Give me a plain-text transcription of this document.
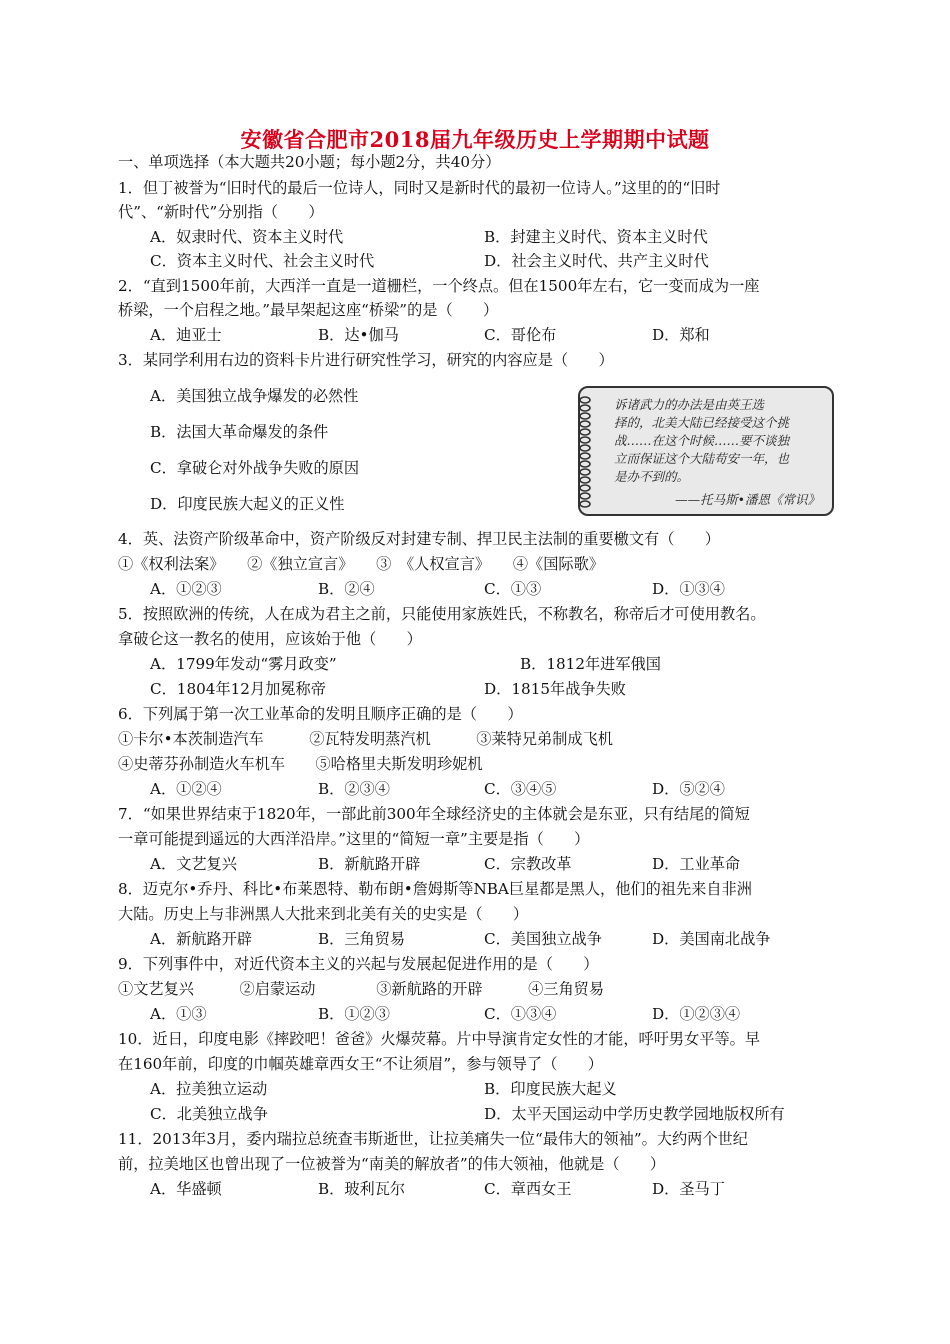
安徽省合肥市2018届九年级历史上学期期中试题
一、单项选择（本大题共20小题；每小题2分，共40分）
1．但丁被誉为“旧时代的最后一位诗人，同时又是新时代的最初一位诗人。”这里的的“旧时
代”、“新时代”分别指（　　）
A．奴隶时代、资本主义时代	B．封建主义时代、资本主义时代
C．资本主义时代、社会主义时代	D．社会主义时代、共产主义时代
2．“直到1500年前，大西洋一直是一道栅栏，一个终点。但在1500年左右，它一变而成为一座
桥梁，一个启程之地。”最早架起这座“桥梁”的是（　　）
A．迪亚士	B．达•伽马	C．哥伦布	D．郑和
3．某同学利用右边的资料卡片进行研究性学习，研究的内容应是（　　）
A．美国独立战争爆发的必然性
B．法国大革命爆发的条件
C．拿破仑对外战争失败的原因
D．印度民族大起义的正义性
4．英、法资产阶级革命中，资产阶级反对封建专制、捍卫民主法制的重要檄文有（　　）
①《权利法案》　　②《独立宣言》　　③　《人权宣言》　　④《国际歌》
A．①②③	B．②④	C．①③	D．①③④
5．按照欧洲的传统，人在成为君主之前，只能使用家族姓氏，不称教名，称帝后才可使用教名。
拿破仑这一教名的使用，应该始于他（　　）
A．1799年发动“雾月政变”	B．1812年进军俄国
C．1804年12月加冕称帝	D．1815年战争失败
6．下列属于第一次工业革命的发明且顺序正确的是（　　）
①卡尔•本茨制造汽车　　　②瓦特发明蒸汽机　　　③莱特兄弟制成飞机
④史蒂芬孙制造火车机车　　⑤哈格里夫斯发明珍妮机
A．①②④	B．②③④	C．③④⑤	D．⑤②④
7．“如果世界结束于1820年，一部此前300年全球经济史的主体就会是东亚，只有结尾的简短
一章可能提到遥远的大西洋沿岸。”这里的“简短一章”主要是指（　　）
A．文艺复兴	B．新航路开辟	C．宗教改革	D．工业革命
8．迈克尔•乔丹、科比•布莱恩特、勒布朗•詹姆斯等NBA巨星都是黑人，他们的祖先来自非洲
大陆。历史上与非洲黑人大批来到北美有关的史实是（　　）
A．新航路开辟	B．三角贸易	C．美国独立战争	D．美国南北战争
9．下列事件中，对近代资本主义的兴起与发展起促进作用的是（　　）
①文艺复兴　　　②启蒙运动　　　　③新航路的开辟　　　④三角贸易
A．①③	B．①②③	C．①③④	D．①②③④
10．近日，印度电影《摔跤吧！爸爸》火爆荧幕。片中导演肯定女性的才能，呼吁男女平等。早
在160年前，印度的巾帼英雄章西女王“不让须眉”，参与领导了（　　）
A．拉美独立运动	B．印度民族大起义
C．北美独立战争	D．太平天国运动中学历史教学园地版权所有
11．2013年3月，委内瑞拉总统查韦斯逝世，让拉美痛失一位“最伟大的领袖”。大约两个世纪
前，拉美地区也曾出现了一位被誉为“南美的解放者”的伟大领袖，他就是（　　）
A．华盛顿	B．玻利瓦尔	C．章西女王	D．圣马丁
诉诸武力的办法是由英王选
择的，北美大陆已经接受这个挑
战……在这个时候……要不谈独
立而保证这个大陆苟安一年，也
是办不到的。
——托马斯•潘恩《常识》
